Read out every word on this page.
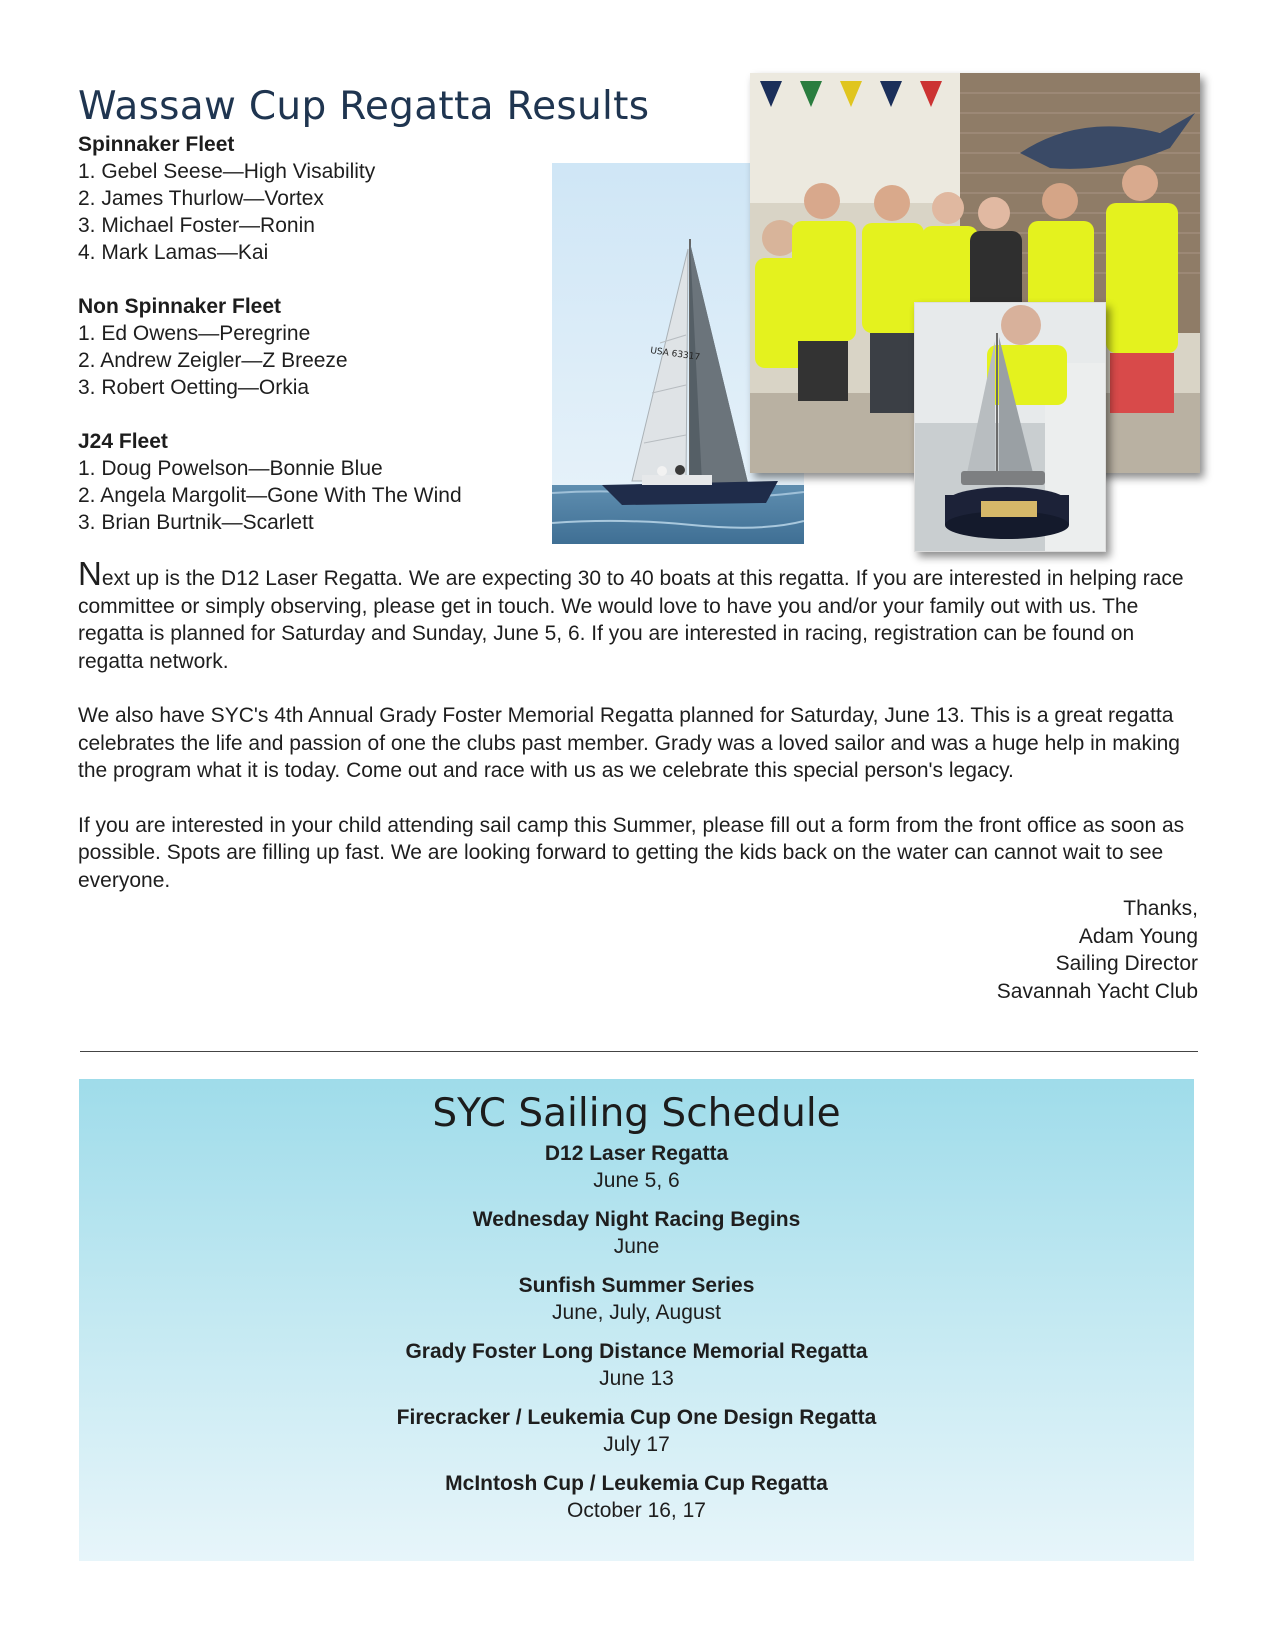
Wassaw Cup Regatta Results
Spinnaker Fleet
1. Gebel Seese—High Visability
2. James Thurlow—Vortex
3. Michael Foster—Ronin
4. Mark Lamas—Kai
Non Spinnaker Fleet
1. Ed Owens—Peregrine
2. Andrew Zeigler—Z Breeze
3. Robert Oetting—Orkia
J24 Fleet
1. Doug Powelson—Bonnie Blue
2. Angela Margolit—Gone With The Wind
3. Brian Burtnik—Scarlett
USA 63317

Next up is the D12 Laser Regatta. We are expecting 30 to 40 boats at this regatta. If you are interested in helping race committee or simply observing, please get in touch. We would love to have you and/or your family out with us. The regatta is planned for Saturday and Sunday, June 5, 6. If you are interested in racing, registration can be found on regatta network.

We also have SYC's 4th Annual Grady Foster Memorial Regatta planned for Saturday, June 13. This is a great regatta celebrates the life and passion of one the clubs past member. Grady was a loved sailor and was a huge help in making the program what it is today. Come out and race with us as we celebrate this special person's legacy.

If you are interested in your child attending sail camp this Summer, please fill out a form from the front office as soon as possible. Spots are filling up fast. We are looking forward to getting the kids back on the water can cannot wait to see everyone.

Thanks,
Adam Young
Sailing Director
Savannah Yacht Club
SYC Sailing Schedule
D12 Laser Regatta
June 5, 6
Wednesday Night Racing Begins
June
Sunfish Summer Series
June, July, August
Grady Foster Long Distance Memorial Regatta
June 13
Firecracker / Leukemia Cup One Design Regatta
July 17
McIntosh Cup / Leukemia Cup Regatta
October 16, 17
